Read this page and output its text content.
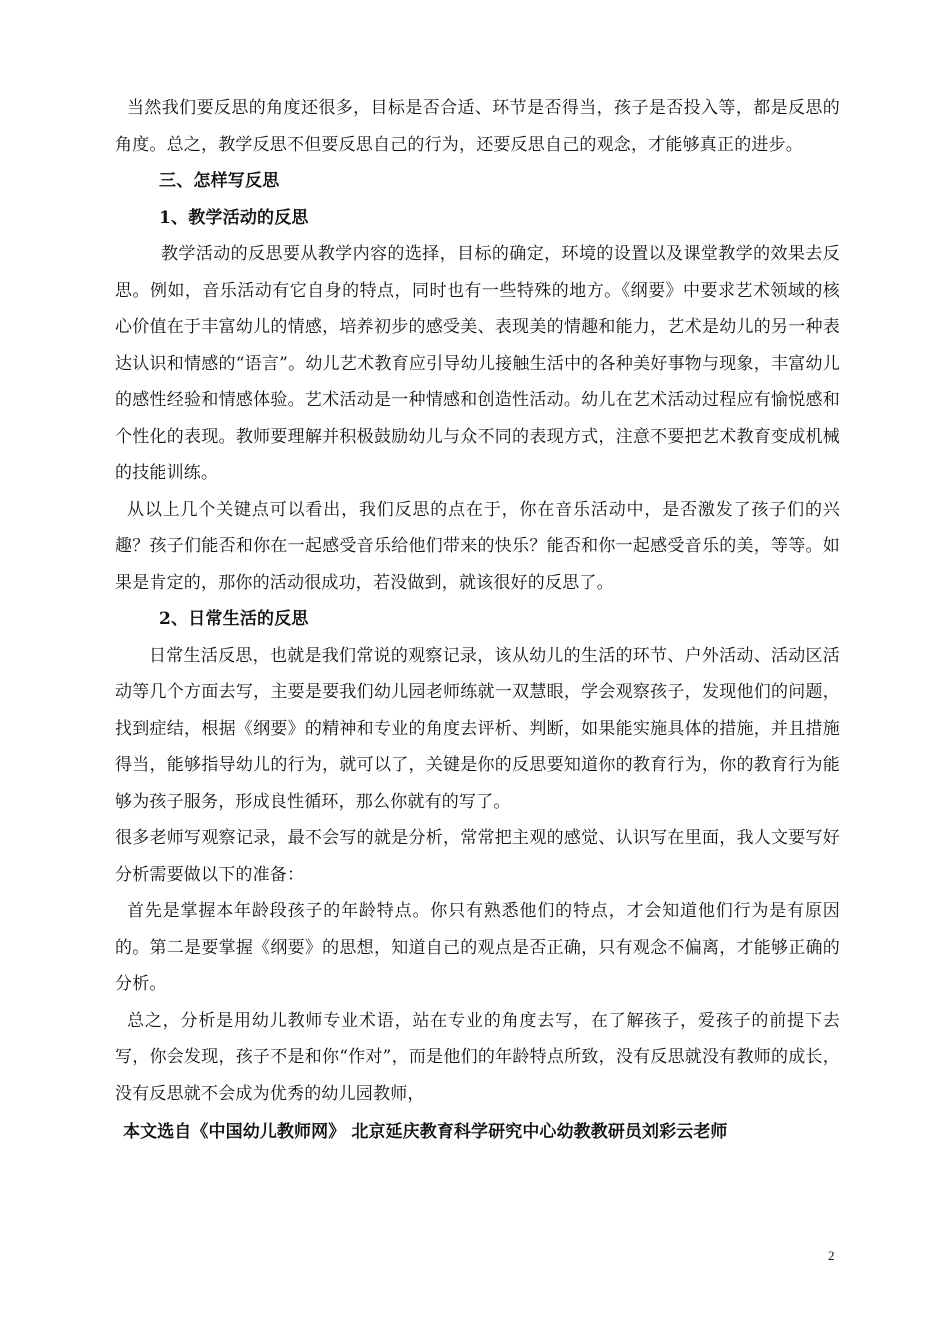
当然我们要反思的角度还很多，目标是否合适、环节是否得当，孩子是否投入等，都是反思的角度。总之，教学反思不但要反思自己的行为，还要反思自己的观念，才能够真正的进步。

三、怎样写反思

1、教学活动的反思

教学活动的反思要从教学内容的选择，目标的确定，环境的设置以及课堂教学的效果去反思。例如，音乐活动有它自身的特点，同时也有一些特殊的地方。《纲要》中要求艺术领域的核心价值在于丰富幼儿的情感，培养初步的感受美、表现美的情趣和能力，艺术是幼儿的另一种表达认识和情感的“语言”。幼儿艺术教育应引导幼儿接触生活中的各种美好事物与现象，丰富幼儿的感性经验和情感体验。艺术活动是一种情感和创造性活动。幼儿在艺术活动过程应有愉悦感和个性化的表现。教师要理解并积极鼓励幼儿与众不同的表现方式，注意不要把艺术教育变成机械的技能训练。

从以上几个关键点可以看出，我们反思的点在于，你在音乐活动中，是否激发了孩子们的兴趣？孩子们能否和你在一起感受音乐给他们带来的快乐？能否和你一起感受音乐的美，等等。如果是肯定的，那你的活动很成功，若没做到，就该很好的反思了。

2、日常生活的反思

日常生活反思，也就是我们常说的观察记录，该从幼儿的生活的环节、户外活动、活动区活动等几个方面去写，主要是要我们幼儿园老师练就一双慧眼，学会观察孩子，发现他们的问题，找到症结，根据《纲要》的精神和专业的角度去评析、判断，如果能实施具体的措施，并且措施得当，能够指导幼儿的行为，就可以了，关键是你的反思要知道你的教育行为，你的教育行为能够为孩子服务，形成良性循环，那么你就有的写了。

很多老师写观察记录，最不会写的就是分析，常常把主观的感觉、认识写在里面，我人文要写好分析需要做以下的准备：

首先是掌握本年龄段孩子的年龄特点。你只有熟悉他们的特点，才会知道他们行为是有原因的。第二是要掌握《纲要》的思想，知道自己的观点是否正确，只有观念不偏离，才能够正确的分析。

总之，分析是用幼儿教师专业术语，站在专业的角度去写，在了解孩子，爱孩子的前提下去写，你会发现，孩子不是和你“作对”，而是他们的年龄特点所致，没有反思就没有教师的成长，没有反思就不会成为优秀的幼儿园教师，

本文选自《中国幼儿教师网》 北京延庆教育科学研究中心幼教教研员刘彩云老师

2
